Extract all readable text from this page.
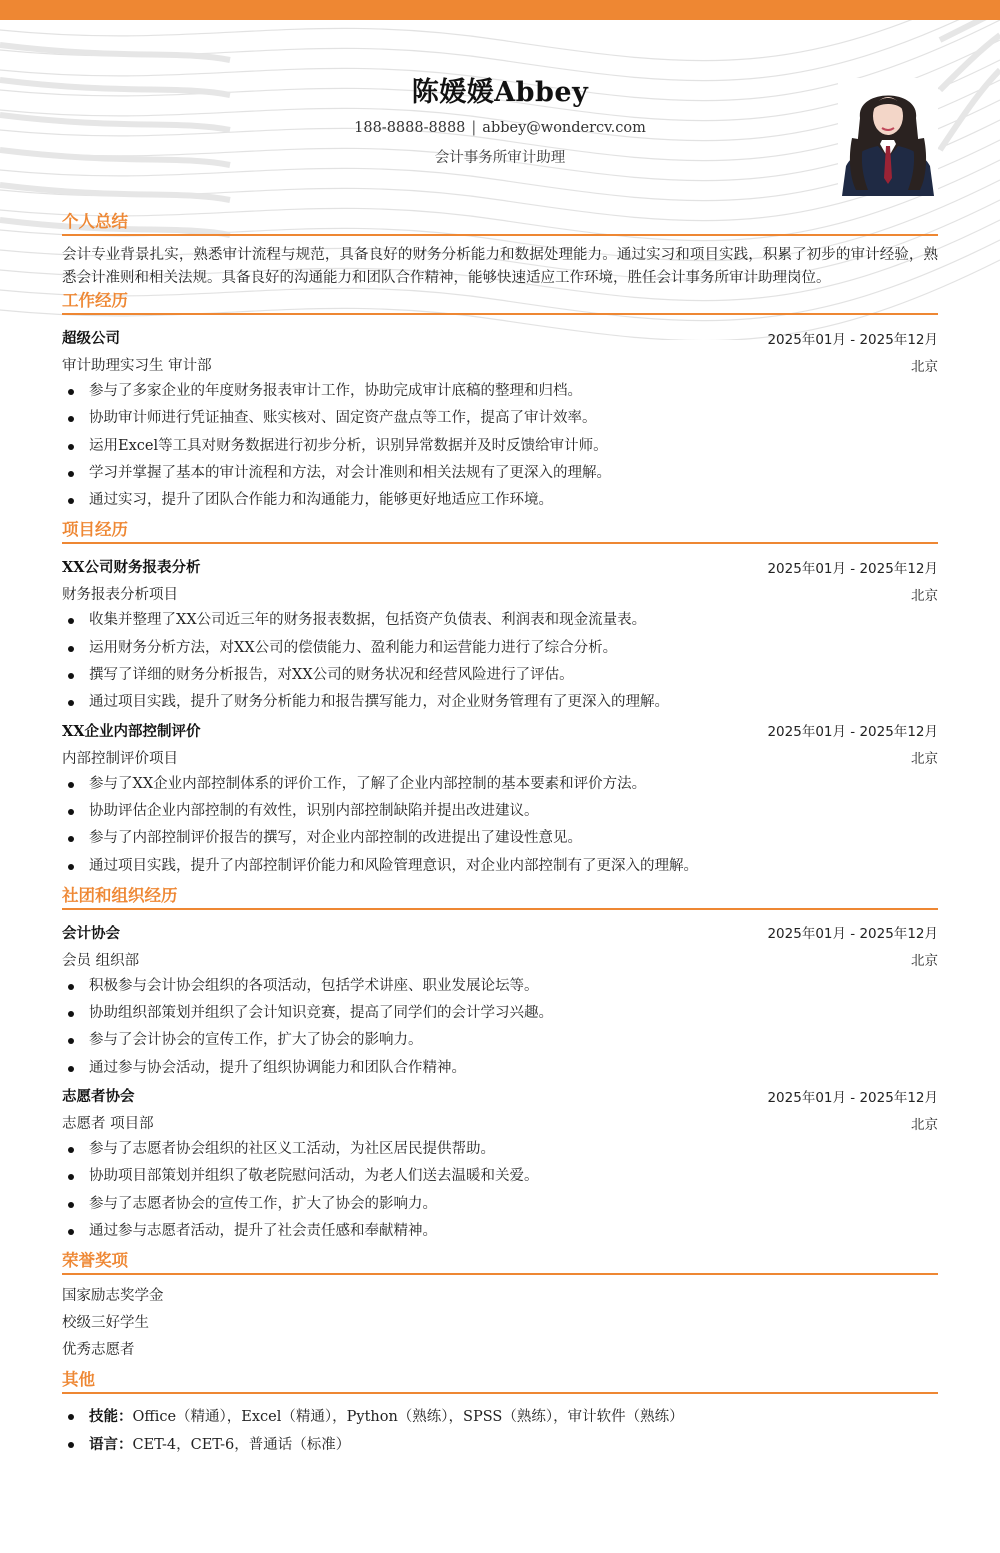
陈媛媛Abbey
188-8888-8888 | abbey@wondercv.com
会计事务所审计助理
个人总结
会计专业背景扎实，熟悉审计流程与规范，具备良好的财务分析能力和数据处理能力。通过实习和项目实践，积累了初步的审计经验，熟悉会计准则和相关法规。具备良好的沟通能力和团队合作精神，能够快速适应工作环境，胜任会计事务所审计助理岗位。
工作经历
超级公司	2025年01月 - 2025年12月
审计助理实习生 审计部	北京
参与了多家企业的年度财务报表审计工作，协助完成审计底稿的整理和归档。
协助审计师进行凭证抽查、账实核对、固定资产盘点等工作，提高了审计效率。
运用Excel等工具对财务数据进行初步分析，识别异常数据并及时反馈给审计师。
学习并掌握了基本的审计流程和方法，对会计准则和相关法规有了更深入的理解。
通过实习，提升了团队合作能力和沟通能力，能够更好地适应工作环境。
项目经历
XX公司财务报表分析	2025年01月 - 2025年12月
财务报表分析项目	北京
收集并整理了XX公司近三年的财务报表数据，包括资产负债表、利润表和现金流量表。
运用财务分析方法，对XX公司的偿债能力、盈利能力和运营能力进行了综合分析。
撰写了详细的财务分析报告，对XX公司的财务状况和经营风险进行了评估。
通过项目实践，提升了财务分析能力和报告撰写能力，对企业财务管理有了更深入的理解。
XX企业内部控制评价	2025年01月 - 2025年12月
内部控制评价项目	北京
参与了XX企业内部控制体系的评价工作，了解了企业内部控制的基本要素和评价方法。
协助评估企业内部控制的有效性，识别内部控制缺陷并提出改进建议。
参与了内部控制评价报告的撰写，对企业内部控制的改进提出了建设性意见。
通过项目实践，提升了内部控制评价能力和风险管理意识，对企业内部控制有了更深入的理解。
社团和组织经历
会计协会	2025年01月 - 2025年12月
会员 组织部	北京
积极参与会计协会组织的各项活动，包括学术讲座、职业发展论坛等。
协助组织部策划并组织了会计知识竞赛，提高了同学们的会计学习兴趣。
参与了会计协会的宣传工作，扩大了协会的影响力。
通过参与协会活动，提升了组织协调能力和团队合作精神。
志愿者协会	2025年01月 - 2025年12月
志愿者 项目部	北京
参与了志愿者协会组织的社区义工活动，为社区居民提供帮助。
协助项目部策划并组织了敬老院慰问活动，为老人们送去温暖和关爱。
参与了志愿者协会的宣传工作，扩大了协会的影响力。
通过参与志愿者活动，提升了社会责任感和奉献精神。
荣誉奖项
国家励志奖学金
校级三好学生
优秀志愿者
其他
技能：Office（精通），Excel（精通），Python（熟练），SPSS（熟练），审计软件（熟练）
语言：CET-4，CET-6，普通话（标准）
